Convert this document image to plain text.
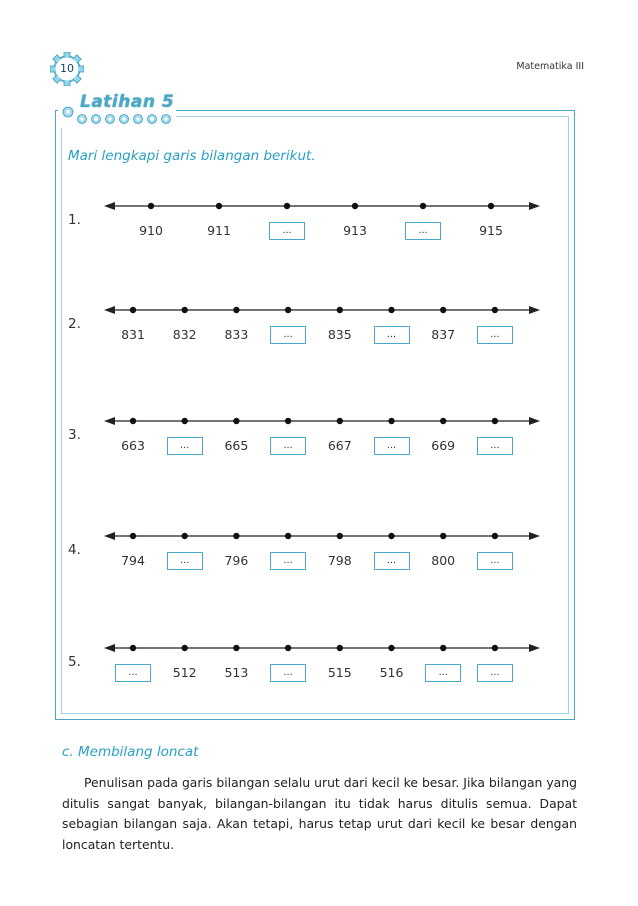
10	Matematika III
Latihan 5
Mari lengkapi garis bilangan berikut.
1.
910	911	...	913	...	915
2.
831	832	833	...	835	...	837	...
3.
663	...	665	...	667	...	669	...
4.
794	...	796	...	798	...	800	...
5.
...	512	513	...	515	516	...	...
c. Membilang loncat
Penulisan pada garis bilangan selalu urut dari kecil ke besar. Jika bilangan yang ditulis sangat banyak, bilangan-bilangan itu tidak harus ditulis semua. Dapat sebagian bilangan saja. Akan tetapi, harus tetap urut dari kecil ke besar dengan loncatan tertentu.
